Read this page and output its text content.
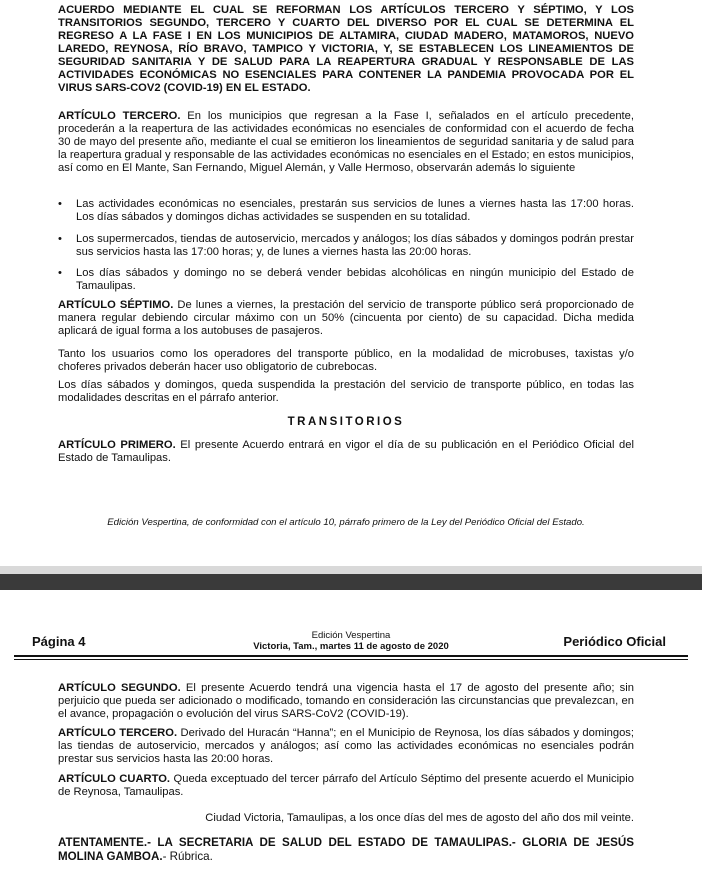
ACUERDO MEDIANTE EL CUAL SE REFORMAN LOS ARTÍCULOS TERCERO Y SÉPTIMO, Y LOS TRANSITORIOS SEGUNDO, TERCERO Y CUARTO DEL DIVERSO POR EL CUAL SE DETERMINA EL REGRESO A LA FASE I EN LOS MUNICIPIOS DE ALTAMIRA, CIUDAD MADERO, MATAMOROS, NUEVO LAREDO, REYNOSA, RÍO BRAVO, TAMPICO Y VICTORIA, Y, SE ESTABLECEN LOS LINEAMIENTOS DE SEGURIDAD SANITARIA Y DE SALUD PARA LA REAPERTURA GRADUAL Y RESPONSABLE DE LAS ACTIVIDADES ECONÓMICAS NO ESENCIALES PARA CONTENER LA PANDEMIA PROVOCADA POR EL VIRUS SARS-COV2 (COVID-19) EN EL ESTADO.

ARTÍCULO TERCERO. En los municipios que regresan a la Fase I, señalados en el artículo precedente, procederán a la reapertura de las actividades económicas no esenciales de conformidad con el acuerdo de fecha 30 de mayo del presente año, mediante el cual se emitieron los lineamientos de seguridad sanitaria y de salud para la reapertura gradual y responsable de las actividades económicas no esenciales en el Estado; en estos municipios, así como en El Mante, San Fernando, Miguel Alemán, y Valle Hermoso, observarán además lo siguiente

• Las actividades económicas no esenciales, prestarán sus servicios de lunes a viernes hasta las 17:00 horas. Los días sábados y domingos dichas actividades se suspenden en su totalidad.

• Los supermercados, tiendas de autoservicio, mercados y análogos; los días sábados y domingos podrán prestar sus servicios hasta las 17:00 horas; y, de lunes a viernes hasta las 20:00 horas.

• Los días sábados y domingo no se deberá vender bebidas alcohólicas en ningún municipio del Estado de Tamaulipas.

ARTÍCULO SÉPTIMO. De lunes a viernes, la prestación del servicio de transporte público será proporcionado de manera regular debiendo circular máximo con un 50% (cincuenta por ciento) de su capacidad. Dicha medida aplicará de igual forma a los autobuses de pasajeros.

Tanto los usuarios como los operadores del transporte público, en la modalidad de microbuses, taxistas y/o choferes privados deberán hacer uso obligatorio de cubrebocas.

Los días sábados y domingos, queda suspendida la prestación del servicio de transporte público, en todas las modalidades descritas en el párrafo anterior.

TRANSITORIOS

ARTÍCULO PRIMERO. El presente Acuerdo entrará en vigor el día de su publicación en el Periódico Oficial del Estado de Tamaulipas.

Edición Vespertina, de conformidad con el artículo 10, párrafo primero de la Ley del Periódico Oficial del Estado.
Página 4	Edición Vespertina
Victoria, Tam., martes 11 de agosto de 2020	Periódico Oficial

ARTÍCULO SEGUNDO. El presente Acuerdo tendrá una vigencia hasta el 17 de agosto del presente año; sin perjuicio que pueda ser adicionado o modificado, tomando en consideración las circunstancias que prevalezcan, en el avance, propagación o evolución del virus SARS-CoV2 (COVID-19).

ARTÍCULO TERCERO. Derivado del Huracán “Hanna”; en el Municipio de Reynosa, los días sábados y domingos; las tiendas de autoservicio, mercados y análogos; así como las actividades económicas no esenciales podrán prestar sus servicios hasta las 20:00 horas.

ARTÍCULO CUARTO. Queda exceptuado del tercer párrafo del Artículo Séptimo del presente acuerdo el Municipio de Reynosa, Tamaulipas.

Ciudad Victoria, Tamaulipas, a los once días del mes de agosto del año dos mil veinte.

ATENTAMENTE.- LA SECRETARIA DE SALUD DEL ESTADO DE TAMAULIPAS.- GLORIA DE JESÚS MOLINA GAMBOA.- Rúbrica.
